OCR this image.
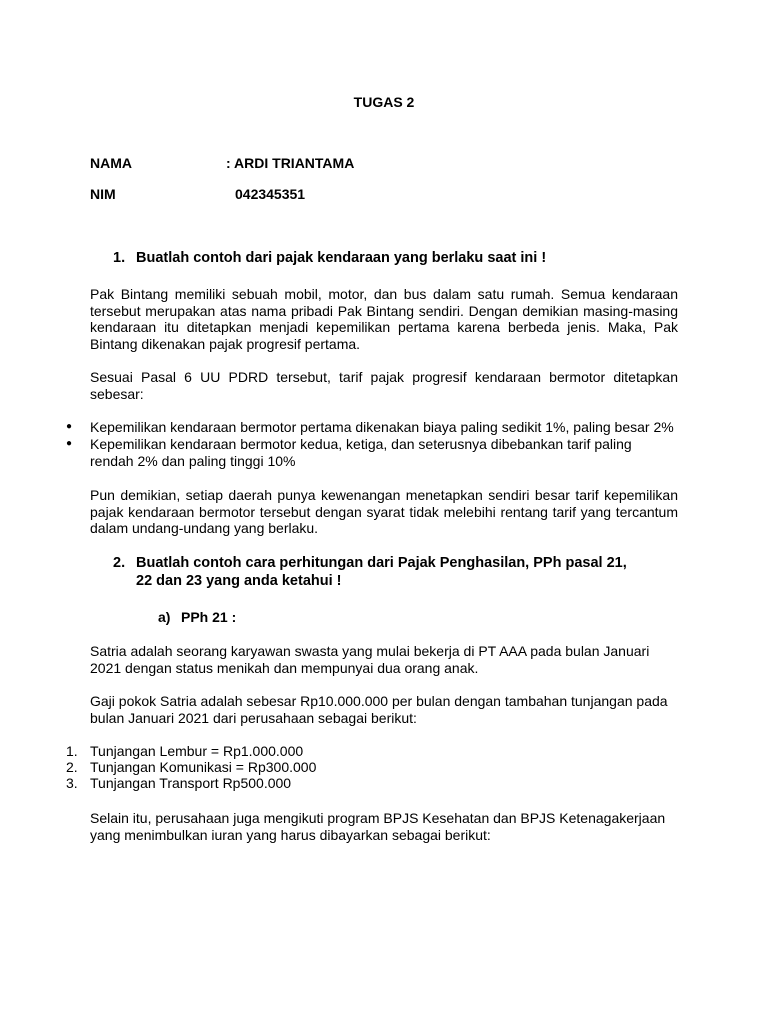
TUGAS 2
NAMA	: ARDI TRIANTAMA
NIM	042345351
1. Buatlah contoh dari pajak kendaraan yang berlaku saat ini !
Pak Bintang memiliki sebuah mobil, motor, dan bus dalam satu rumah. Semua kendaraan tersebut merupakan atas nama pribadi Pak Bintang sendiri. Dengan demikian masing-masing kendaraan itu ditetapkan menjadi kepemilikan pertama karena berbeda jenis. Maka, Pak Bintang dikenakan pajak progresif pertama.
Sesuai Pasal 6 UU PDRD tersebut, tarif pajak progresif kendaraan bermotor ditetapkan sebesar:
● Kepemilikan kendaraan bermotor pertama dikenakan biaya paling sedikit 1%, paling besar 2%
● Kepemilikan kendaraan bermotor kedua, ketiga, dan seterusnya dibebankan tarif paling rendah 2% dan paling tinggi 10%
Pun demikian, setiap daerah punya kewenangan menetapkan sendiri besar tarif kepemilikan pajak kendaraan bermotor tersebut dengan syarat tidak melebihi rentang tarif yang tercantum dalam undang-undang yang berlaku.
2. Buatlah contoh cara perhitungan dari Pajak Penghasilan, PPh pasal 21,
22 dan 23 yang anda ketahui !
a) PPh 21 :
Satria adalah seorang karyawan swasta yang mulai bekerja di PT AAA pada bulan Januari 2021 dengan status menikah dan mempunyai dua orang anak.
Gaji pokok Satria adalah sebesar Rp10.000.000 per bulan dengan tambahan tunjangan pada bulan Januari 2021 dari perusahaan sebagai berikut:
1. Tunjangan Lembur = Rp1.000.000
2. Tunjangan Komunikasi = Rp300.000
3. Tunjangan Transport Rp500.000
Selain itu, perusahaan juga mengikuti program BPJS Kesehatan dan BPJS Ketenagakerjaan yang menimbulkan iuran yang harus dibayarkan sebagai berikut:
